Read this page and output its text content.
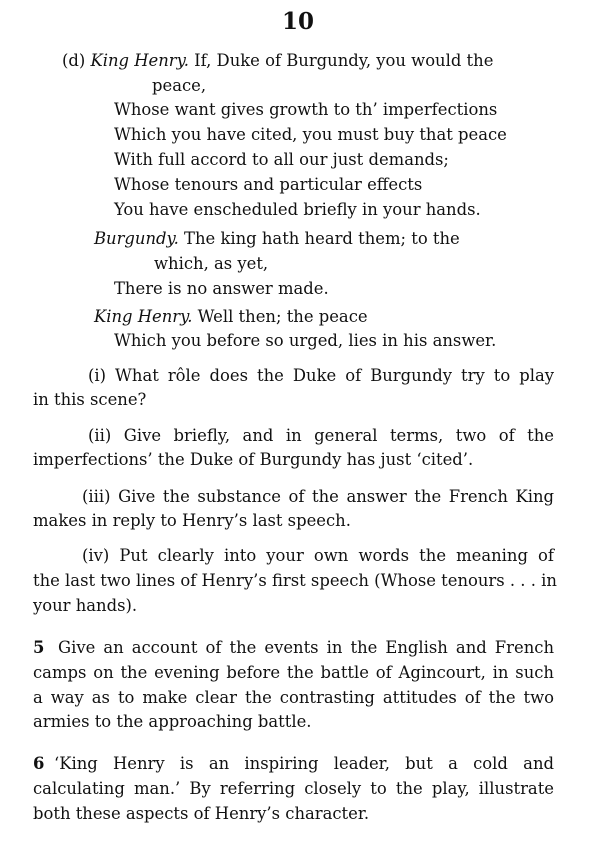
10
(d) King Henry. If, Duke of Burgundy, you would the
peace,
Whose want gives growth to th’ imperfections
Which you have cited, you must buy that peace
With full accord to all our just demands;
Whose tenours and particular effects
You have enscheduled briefly in your hands.
Burgundy. The king hath heard them; to the
which, as yet,
There is no answer made.
King Henry. Well then; the peace
Which you before so urged, lies in his answer.
(i) What rôle does the Duke of Burgundy try to play
in this scene?
(ii) Give briefly, and in general terms, two of the
imperfections’ the Duke of Burgundy has just ‘cited’.
(iii) Give the substance of the answer the French King
makes in reply to Henry’s last speech.
(iv) Put clearly into your own words the meaning of
the last two lines of Henry’s first speech (Whose tenours . . . in
your hands).
5 Give an account of the events in the English and French
camps on the evening before the battle of Agincourt, in such
a way as to make clear the contrasting attitudes of the two
armies to the approaching battle.
6 ‘King Henry is an inspiring leader, but a cold and
calculating man.’ By referring closely to the play, illustrate
both these aspects of Henry’s character.
